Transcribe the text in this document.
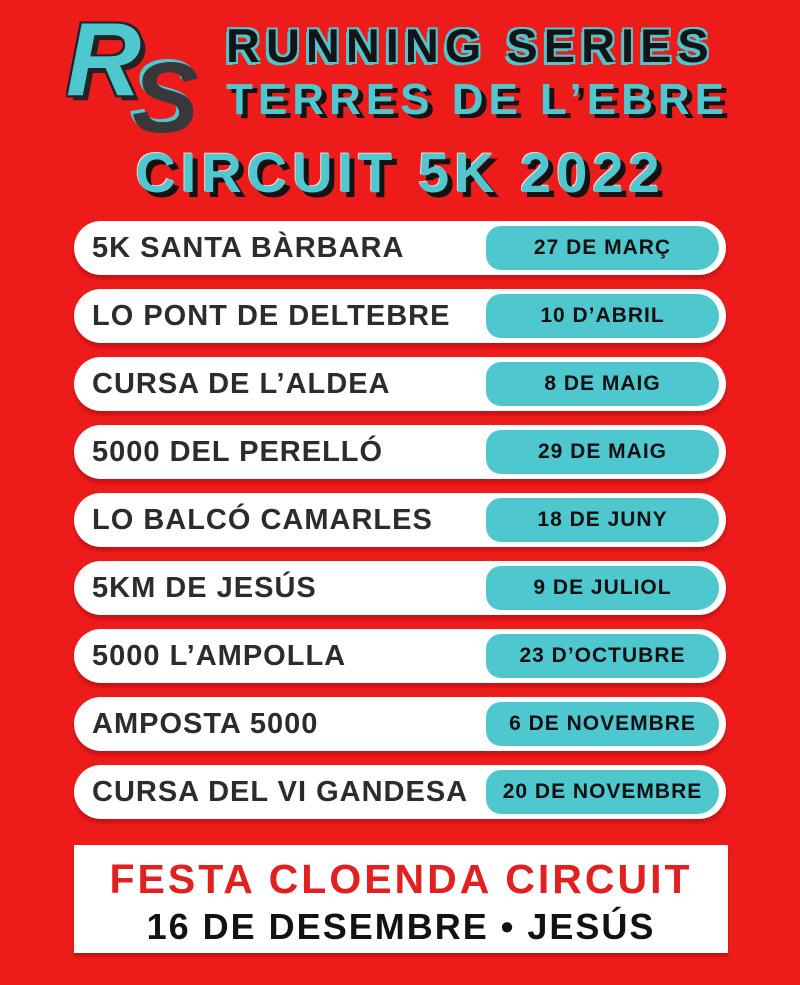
R
S RUNNING SERIES
TERRES DE L’EBRE
CIRCUIT 5K 2022
5K SANTA BÀRBARA	27 DE MARÇ
LO PONT DE DELTEBRE	10 D’ABRIL
CURSA DE L’ALDEA	8 DE MAIG
5000 DEL PERELLÓ	29 DE MAIG
LO BALCÓ CAMARLES	18 DE JUNY
5KM DE JESÚS	9 DE JULIOL
5000 L’AMPOLLA	23 D’OCTUBRE
AMPOSTA 5000	6 DE NOVEMBRE
CURSA DEL VI GANDESA	20 DE NOVEMBRE
FESTA CLOENDA CIRCUIT
16 DE DESEMBRE • JESÚS
